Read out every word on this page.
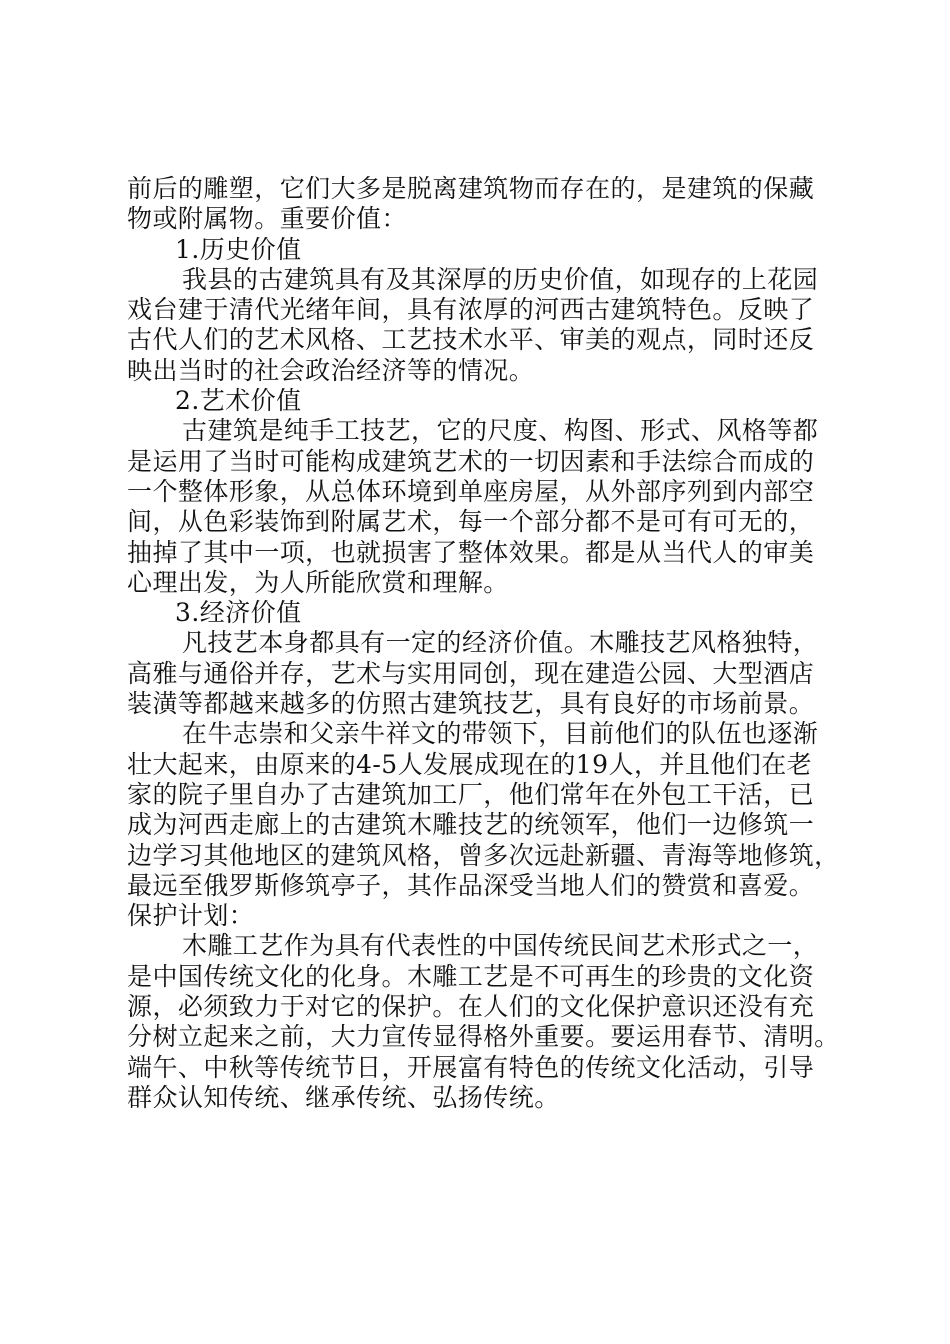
前后的雕塑，它们大多是脱离建筑物而存在的，是建筑的保藏
物或附属物。重要价值：
1.历史价值
我县的古建筑具有及其深厚的历史价值，如现存的上花园
戏台建于清代光绪年间，具有浓厚的河西古建筑特色。反映了
古代人们的艺术风格、工艺技术水平、审美的观点，同时还反
映出当时的社会政治经济等的情况。
2.艺术价值
古建筑是纯手工技艺，它的尺度、构图、形式、风格等都
是运用了当时可能构成建筑艺术的一切因素和手法综合而成的
一个整体形象，从总体环境到单座房屋，从外部序列到内部空
间，从色彩装饰到附属艺术，每一个部分都不是可有可无的，
抽掉了其中一项，也就损害了整体效果。都是从当代人的审美
心理出发，为人所能欣赏和理解。
3.经济价值
凡技艺本身都具有一定的经济价值。木雕技艺风格独特，
高雅与通俗并存，艺术与实用同创，现在建造公园、大型酒店
装潢等都越来越多的仿照古建筑技艺，具有良好的市场前景。
在牛志崇和父亲牛祥文的带领下，目前他们的队伍也逐渐
壮大起来，由原来的4-5人发展成现在的19人，并且他们在老
家的院子里自办了古建筑加工厂，他们常年在外包工干活，已
成为河西走廊上的古建筑木雕技艺的统领军，他们一边修筑一
边学习其他地区的建筑风格，曾多次远赴新疆、青海等地修筑，
最远至俄罗斯修筑亭子，其作品深受当地人们的赞赏和喜爱。
保护计划：
木雕工艺作为具有代表性的中国传统民间艺术形式之一，
是中国传统文化的化身。木雕工艺是不可再生的珍贵的文化资
源，必须致力于对它的保护。在人们的文化保护意识还没有充
分树立起来之前，大力宣传显得格外重要。要运用春节、清明。
端午、中秋等传统节日，开展富有特色的传统文化活动，引导
群众认知传统、继承传统、弘扬传统。
